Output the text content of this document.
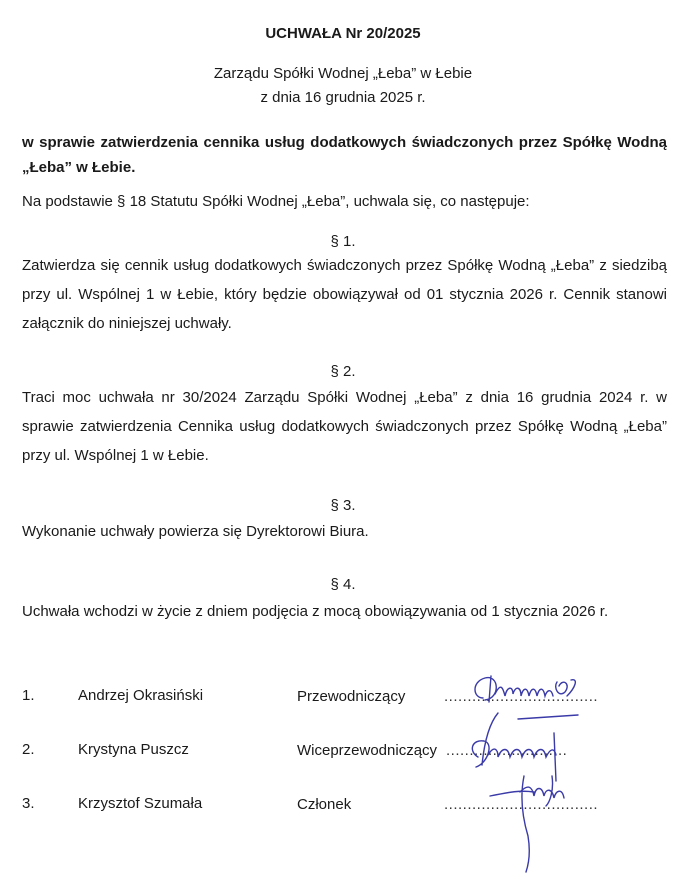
UCHWAŁA Nr 20/2025
Zarządu Spółki Wodnej „Łeba” w Łebie
z dnia 16 grudnia 2025 r.
w sprawie zatwierdzenia cennika usług dodatkowych świadczonych przez Spółkę Wodną „Łeba” w Łebie.
Na podstawie § 18 Statutu Spółki Wodnej „Łeba”, uchwala się, co następuje:
§ 1.
Zatwierdza się cennik usług dodatkowych świadczonych przez Spółkę Wodną „Łeba” z siedzibą przy ul. Wspólnej 1 w Łebie, który będzie obowiązywał od 01 stycznia 2026 r. Cennik stanowi załącznik do niniejszej uchwały.
§ 2.
Traci moc uchwała nr 30/2024 Zarządu Spółki Wodnej „Łeba” z dnia 16 grudnia 2024 r. w sprawie zatwierdzenia Cennika usług dodatkowych świadczonych przez Spółkę Wodną „Łeba” przy ul. Wspólnej 1 w Łebie.
§ 3.
Wykonanie uchwały powierza się Dyrektorowi Biura.
§ 4.
Uchwała wchodzi w życie z dniem podjęcia z mocą obowiązywania od 1 stycznia 2026 r.
1.	Andrzej Okrasiński	Przewodniczący	.................................
2.	Krystyna Puszcz	Wiceprzewodniczący ..........................
3.	Krzysztof Szumała	Członek	.................................
